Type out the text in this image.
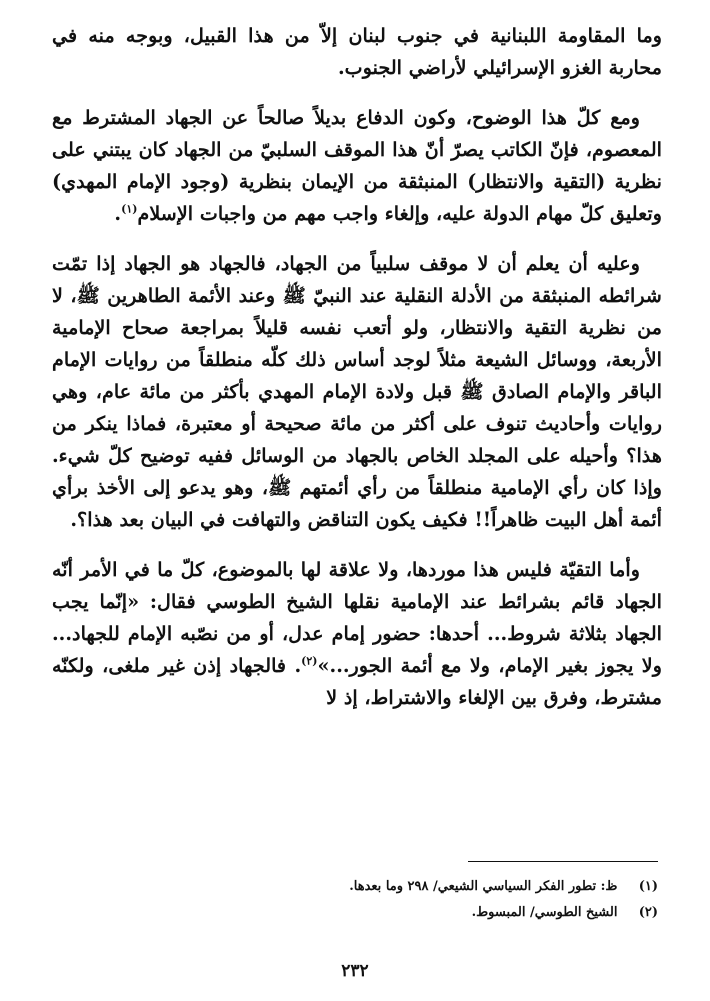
وما المقاومة اللبنانية في جنوب لبنان إلاّ من هذا القبيل، وبوجه منه في محاربة الغزو الإسرائيلي لأراضي الجنوب.

ومع كلّ هذا الوضوح، وكون الدفاع بديلاً صالحاً عن الجهاد المشترط مع المعصوم، فإنّ الكاتب يصرّ أنّ هذا الموقف السلبيّ من الجهاد كان يبتني على نظرية (التقية والانتظار) المنبثقة من الإيمان بنظرية (وجود الإمام المهدي) وتعليق كلّ مهام الدولة عليه، وإلغاء واجب مهم من واجبات الإسلام$^{(١)}$.

وعليه أن يعلم أن لا موقف سلبياً من الجهاد، فالجهاد هو الجهاد إذا تمّت شرائطه المنبثقة من الأدلة النقلية عند النبيّ ﷺ وعند الأئمة الطاهرين ﷺ، لا من نظرية التقية والانتظار، ولو أتعب نفسه قليلاً بمراجعة صحاح الإمامية الأربعة، ووسائل الشيعة مثلاً لوجد أساس ذلك كلّه منطلقاً من روايات الإمام الباقر والإمام الصادق ﷺ قبل ولادة الإمام المهدي بأكثر من مائة عام، وهي روايات وأحاديث تنوف على أكثر من مائة صحيحة أو معتبرة، فماذا ينكر من هذا؟ وأحيله على المجلد الخاص بالجهاد من الوسائل ففيه توضيح كلّ شيء. وإذا كان رأي الإمامية منطلقاً من رأي أئمتهم ﷺ، وهو يدعو إلى الأخذ برأي أئمة أهل البيت ظاهراً!! فكيف يكون التناقض والتهافت في البيان بعد هذا؟.

وأما التقيّة فليس هذا موردها، ولا علاقة لها بالموضوع، كلّ ما في الأمر أنّه الجهاد قائم بشرائط عند الإمامية نقلها الشيخ الطوسي فقال: «إنّما يجب الجهاد بثلاثة شروط... أحدها: حضور إمام عدل، أو من نصّبه الإمام للجهاد... ولا يجوز بغير الإمام، ولا مع أئمة الجور...»$^{(٢)}$. فالجهاد إذن غير ملغى، ولكنّه مشترط، وفرق بين الإلغاء والاشتراط، إذ لا

(١) ظ: تطور الفكر السياسي الشيعي/ ٢٩٨ وما بعدها.
(٢) الشيخ الطوسي/ المبسوط.
٢٣٢
